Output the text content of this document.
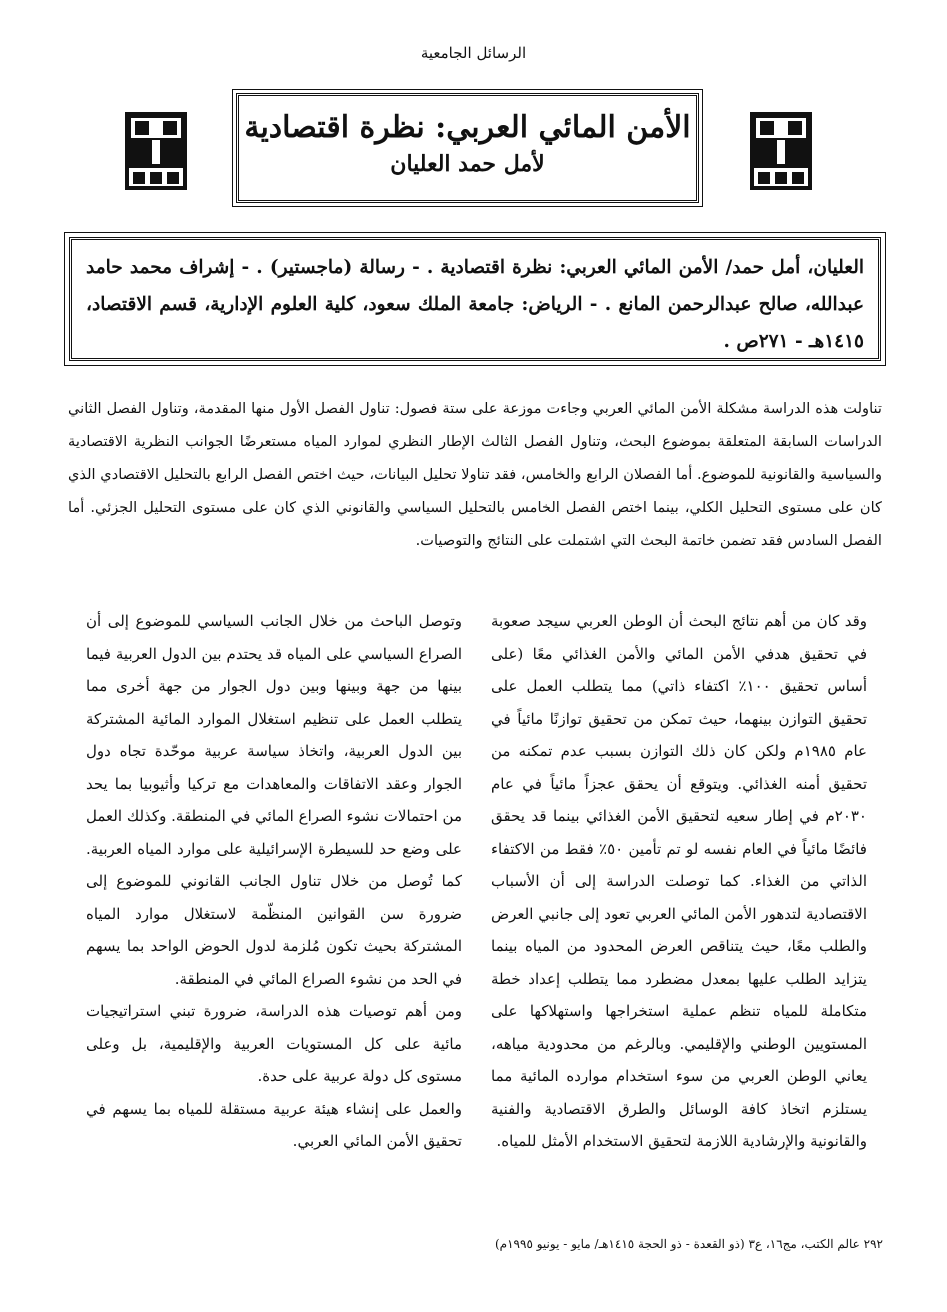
الرسائل الجامعية
الأمن المائي العربي: نظرة اقتصادية
لأمل حمد العليان
العليان، أمل حمد/ الأمن المائي العربي: نظرة اقتصادية . - رسالة (ماجستير) . - إشراف محمد حامد عبدالله، صالح عبدالرحمن المانع . - الرياض: جامعة الملك سعود، كلية العلوم الإدارية، قسم الاقتصاد، ١٤١٥هـ - ٢٧١ص .
تناولت هذه الدراسة مشكلة الأمن المائي العربي وجاءت موزعة على ستة فصول: تناول الفصل الأول منها المقدمة، وتناول الفصل الثاني الدراسات السابقة المتعلقة بموضوع البحث، وتناول الفصل الثالث الإطار النظري لموارد المياه مستعرضًا الجوانب النظرية الاقتصادية والسياسية والقانونية للموضوع. أما الفصلان الرابع والخامس، فقد تناولا تحليل البيانات، حيث اختص الفصل الرابع بالتحليل الاقتصادي الذي كان على مستوى التحليل الكلي، بينما اختص الفصل الخامس بالتحليل السياسي والقانوني الذي كان على مستوى التحليل الجزئي. أما الفصل السادس فقد تضمن خاتمة البحث التي اشتملت على النتائج والتوصيات.

وقد كان من أهم نتائج البحث أن الوطن العربي سيجد صعوبة في تحقيق هدفي الأمن المائي والأمن الغذائي معًا (على أساس تحقيق ١٠٠٪ اكتفاء ذاتي) مما يتطلب العمل على تحقيق التوازن بينهما، حيث تمكن من تحقيق توازنًا مائياً في عام ١٩٨٥م ولكن كان ذلك التوازن بسبب عدم تمكنه من تحقيق أمنه الغذائي. ويتوقع أن يحقق عجزاً مائياً في عام ٢٠٣٠م في إطار سعيه لتحقيق الأمن الغذائي بينما قد يحقق فائضًا مائياً في العام نفسه لو تم تأمين ٥٠٪ فقط من الاكتفاء الذاتي من الغذاء. كما توصلت الدراسة إلى أن الأسباب الاقتصادية لتدهور الأمن المائي العربي تعود إلى جانبي العرض والطلب معًا، حيث يتناقص العرض المحدود من المياه بينما يتزايد الطلب عليها بمعدل مضطرد مما يتطلب إعداد خطة متكاملة للمياه تنظم عملية استخراجها واستهلاكها على المستويين الوطني والإقليمي. وبالرغم من محدودية مياهه، يعاني الوطن العربي من سوء استخدام موارده المائية مما يستلزم اتخاذ كافة الوسائل والطرق الاقتصادية والفنية والقانونية والإرشادية اللازمة لتحقيق الاستخدام الأمثل للمياه.

وتوصل الباحث من خلال الجانب السياسي للموضوع إلى أن الصراع السياسي على المياه قد يحتدم بين الدول العربية فيما بينها من جهة وبينها وبين دول الجوار من جهة أخرى مما يتطلب العمل على تنظيم استغلال الموارد المائية المشتركة بين الدول العربية، واتخاذ سياسة عربية موحّدة تجاه دول الجوار وعقد الاتفاقات والمعاهدات مع تركيا وأثيوبيا بما يحد من احتمالات نشوء الصراع المائي في المنطقة. وكذلك العمل على وضع حد للسيطرة الإسرائيلية على موارد المياه العربية. كما تُوصل من خلال تناول الجانب القانوني للموضوع إلى ضرورة سن القوانين المنظّمة لاستغلال موارد المياه المشتركة بحيث تكون مُلزمة لدول الحوض الواحد بما يسهم في الحد من نشوء الصراع المائي في المنطقة.

ومن أهم توصيات هذه الدراسة، ضرورة تبني استراتيجيات مائية على كل المستويات العربية والإقليمية، بل وعلى مستوى كل دولة عربية على حدة.

والعمل على إنشاء هيئة عربية مستقلة للمياه بما يسهم في تحقيق الأمن المائي العربي.

٢٩٢ عالم الكتب، مج١٦، ع٣ (ذو القعدة - ذو الحجة ١٤١٥هـ/ مايو - يونيو ١٩٩٥م)
